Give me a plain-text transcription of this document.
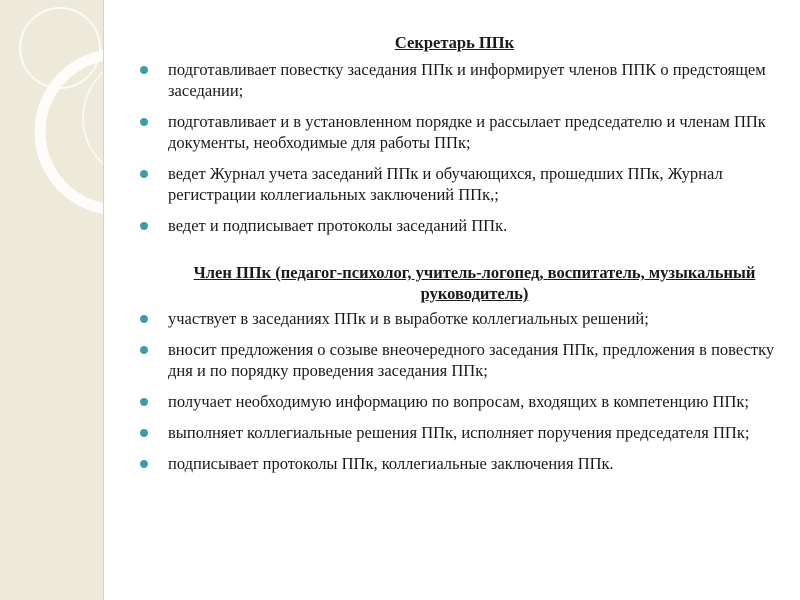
Секретарь ППк
подготавливает повестку заседания ППк и информирует членов ППК о предстоящем заседании;
подготавливает и в установленном порядке и рассылает председателю и членам ППк документы, необходимые для работы ППк;
ведет Журнал учета заседаний ППк и обучающихся, прошедших ППк, Журнал регистрации коллегиальных заключений ППк,;
ведет и подписывает протоколы заседаний ППк.
Член ППк (педагог-психолог, учитель-логопед, воспитатель, музыкальный руководитель)
участвует в заседаниях ППк и в выработке коллегиальных решений;
вносит предложения о созыве внеочередного заседания ППк, предложения в повестку дня и по порядку проведения заседания ППк;
получает необходимую информацию по вопросам, входящих в компетенцию ППк;
выполняет коллегиальные решения ППк, исполняет поручения председателя ППк;
подписывает протоколы ППк, коллегиальные заключения ППк.
